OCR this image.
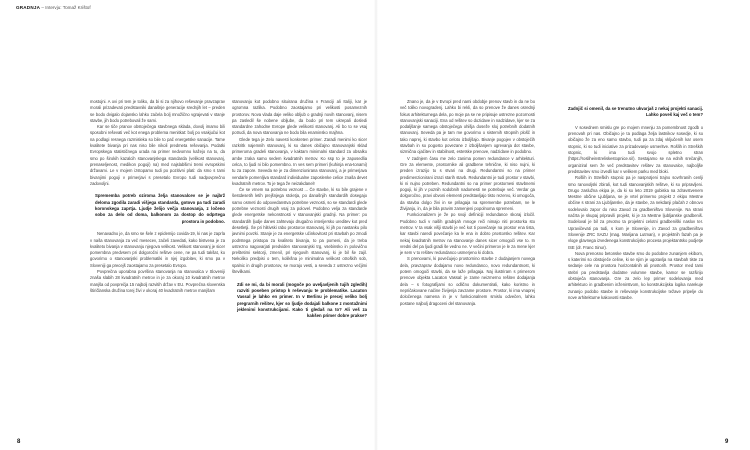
GRADNJA – Intervju: Tomaž Krištof

mostojni. A ovi pri tem je toliko, da bi si za njihovo reševanje pravzaprav morali prizadevati predstavniki današnje generacije srednjih let – preden se bodo dvigalo dojansko lahko začela bolj množično vgrajevati v stanje stavbe, jih bodo potrebovali že sami.

Kar se tiče pranov obstoječega stavbnega sklada, dovolj imamo bili sposobni reševati več kot enega problema menitkat: bolj po vsakjučui kot na podlagi resnega razmisleka so bile to pač energetske sanacije. Tame kvalitete bivanja pri nas niso bile nikoli predmeta reševanja. Podatki Evropskega statističnega urada na primer nedvomno kažejo na to, da smo po širokih kazalcih stanovanjskega standarda (velikost stanovanj, prenaseljenost, medikon pogoji) na) med najslabšimi tremi evropskimi državami. Le v mojem izstopamo tudi po pozitivni plati: da smo s tami bivanjimi pogoji v primerjavi s presetalo Evropo tudi nadpovprečno zadovoljni.

Sprememba potreb oziroma želja stanovalcev se je najbrž deloma zgodila zaradi višjega standarda, gotovo pa tudi zaradi koronskega zaprtja. Ljudje želijo večja stanovanja, z ločeno sobo za delo od doma, balkonom za dostop do odprtega prostora in podobno.

Nenavadno je, da smo se šele z epidemijo covida-19, ki nas je zaprla v naša stanovanja za več mesecev, začeli zavedati, kako bistvena je za kvaliteto bivanja v stanovanju njegova velikost. Velikost stanovanj je sicer pomembna predvsem pri dolgoročni rešitve cene, ne pa tudi takšat, ko govorimo o stanovanjski problematiki in njej izgobitev, ki smo pa v Sloveniji ga precejš zaostajamo za presetalo Evropo.

Povprečna uporabna površina stanovanja na stanovalca v Sloveniji znaša slabih 28 kvadratnih metrov in je za okoraj 10 kvadratnih metrov manjša od povprečja 15 najbolj razvitih držav v EU. Povprečna slovenska štiričlanska družina torej živi v okoraj 40 kvadratnih metrov manjšam

stanovanju kot podobno situirana družina v Franciji ali Italiji, kar je ogromna razlika. Podobno zaostajamo pri velikosti posameznih prostorov. Nova vlada daje veliko obljub o gradnji novih stanovanj, nisem pa zasledil še nobene obljube, da bodo pri tem ukrepali dosledi standardne zahodne Evrope glede velikosti stanovanj. Ali bo to se vsaj potrudi, da nova stanovanja ne bodo bila enaminsko majhna.

Glede tega je Zelo navesti konkreten primer. Zaradi menimi ko sicer razkritk najemnih stanovanj, ki so danes običajno stanovanjski sklad primeroma gradeli stanovanja, v kaktam minimalni standard za obsalko ambe zraka samo sedem kvadratnih metrov. Ko ssp to je zaposedlia celca, to ljudi ni bilo pomembno. In ves sem primeri (kuhinja ena-tonami) tu za zapore. Seveda se je za dimenzionirana stanovanj, a je primerjava vendarle pomenljiva standard individualne zaposlenke celice znaša devet kvadratnih metrov. To je tega že neizakdanel!

Če se vrnem na potrebno veznost ... Če stavbe, ki so bile grajene v šestdesetih letih prejšnjega stoletja, po današnjih standardih dosegajo samo osmeti do odpovedanstva potrebne veznosti, so se standardi glede potrebne veznosti drugih vsaj za polovel. Podobno velja za standarde glede energetske nekonstnosti v stanovanjski gradnji. Na primer: po standardih ljudje danes zahtevajo drugačno interijersko ureditev kot pred desetletji. Še pri hlitivski rabo prostorov stanovanj, ki jih po nastanku pilo javnimi povzki. Stanje je za energetske učinkovitost pri stavbah po zmodi podrstega pristopa za kvaliteto bivanja, to pa pomeni, da je treba ustrezno nagovarjati predviden stanovanjski trg, vsebinsko in polovično preštetimi sektorji, zmenil, pri njegovih stanovanj, ki je bil še zajil. Nekoliko predpisi o tem, kolikšna je minimalna velikost otroških sob, spalnic in drugih prostorov, se morajo vesti, a seveda z ustrezno večjimi številkami.

Zdi se mi, da bi morali (mogoče po uveljavljenih tujih zgledih) razviti poseben pristop k reševanju te problematike. Lacaton Vassal je lahko en primer. In v Berlinu je precej veliko bolj pregrarnih rešitev, kjer so ljudje dodajali balkone z montažnimi jeklenimi konstrukcijami. Kako ti gledaš na to? Ali veš za kakšen primer dobre prakse?

Znano je, da je v Evropi pred nami obdobje prenov stavb in da ne bo več toliko novogradenj. Lahko bi rekli, da so prenove že danes osrednji fokus arhitekturnega dela, po moje pa se ne pripisuje ustrezne pozornosti stanovanjski sanaciji. Ena od rešitev so dozidave in nadzidave, kjer se za podaljšanje samega obstoječega ohišja doseže sloj potrebnih dodatnih stanovanj. Seveda pa je tam me govorimo o sistemih stropnih plošč in tako naprej, ki stavbo kot celoto izboljšajo. Bivanje pogojev v obstoječih stavbah in so pogosto povezane z izboljšanjem ogrevanja dot stavbe, sizmična ojačitev in stabilnost, estetske prenove, nadzidave in podobno.

V zadnjem času me zelo zanima pomen redundance v arhitekturi. Gre za elemente, prostornike ali gradbene tehnične, ki niso nujni, ki preden izrazijo to s stvari na drugi. Redundantni so na primer predimenzionirani izrazi starih stavb. Redundantni je tudi prostor v stavbi, ki ni nujno potreben. Redundantni so na primer prostornesi stavbnemi pogoji, ki jih v poznih sodobnih nadomesti ne potrebuje več. Verdar ga dolgoročno, pravi obvoni elementi predstavljajo tisto rezervo, ki omogoča, da stavba dolgo živi in se prilagaja na spremembe potrebam, ne le Živijanju, in, da je bila pravim zamenjeni popolnoma spremeni.

Funkcionalizem je že po svoji definiciji redundance skoraj izločil. Podobno tudi v naših gradnjah mnoge reči nimajo niti prostorka sto metrov. V ta vsak višji stavbi je več kot ti povečanje na prostor ena tista, kar stavbi naredi povečanje ka le ena in dobro prostorsko rešitev. Kar nekaj kvadratnih metrov na stanovanje danes sicer omogoči vse to. In vredni del pa ljudi gradi še vedno ne. V večini primerov je le za mene kjer je sem v to rešitev redundanco usmerjeno ki dobra.

S prenovami, ki povečujejo prostornino stavbe z dodajanjem novega dela, pravzaprav dodajamo novo redundanco, novo redundantnost, ki potem omogoči stavbi, da se laže prilagaja. Naj ilustriram s primerom prenove objekta Lacaton Vassal: je zame neizmerno rešitev dodajanja dela – s fotografijami so odlično dokumentirali, kako koristno in nepričakovane načine živijenja zavzame prostore. Prostor, ki ima vnaprej določenega namena in je v funkcionalnem smislu odvečen, lahko postane najbolj dragoceni del stanovanja.

Zadnjič si omenil, da se trenutno ukvarjaš z nekaj projekti sanacij. Lahko poveš kaj več o tem?

V sosednem smislu gre po mojem mnenju za pomembnost zgodb o prenovah pri nas. Običajno je ta podlaga želja lastnikov sosedje, ki so običajno že za eno samo stavbo, tudi pa za zdaj vključenih kar osem stopnic, ki so tudi iniciative za prizadevanje usmeritve. Rošlih in Streških stopnic, ki ima tudi svojo spletno stran (https://rosliheinstreliskestopnice.si/). Sestajamo se na ednih srečanjih, organiziral sem že več predstavitev rešitev za stanovalce, najboljše predstavitev smo izvedli kar v velikem parku med bloki.

Rošlih in Streških stopnic pa je nasprotjeni trajno sovrhranih cenlji smo ranovoljski zbirali, kot tudi stanovanjskih rešitve, ki so pripravljeni. Drugo zaslužna ekipa je, da ki so leto 2019 gobiska na zdravstvenem Mestne občine Ljubljana, se je vrtel primerno projekt z ekipo Mestne občine s strani za Ljubljanske, da je stavbe, za nekdanji plačah z obnovo sodelovalo zapor do niso Zavod za gradbeništvo Slovenije. Na strani načrta je skupaj pripravili projekt, ki je za Mestne ljubljanske gradbeniš. Sodeloval je bil za prvotno ta projektni celotni gradbeniški naslov ter. Upravičevati pa tudi, s kom je Slovenije, in Zavod za gradbeništvo Slovenije ZRC SAZU (mag. Marijana Lutman), v projektnih fazah pa je vloge glavnega izvedenega konstrukcijsko procesa projektantsko podjetje ISE (dr. Franc Sinur).

Nova prenosno betonske stavbe smo do podobne zunanjem ekibom, s katerimi so obstoječe celine, ki se njim je ugotavlja na stavbah tiste za sedanje cele na prostora horizontalnih ali prostorih. Prostor med tami stebri pa predstavlja dodatne volumne stavbe, kamor se razširijo obstoječa stanovanja. Gre za zelo lep primer sodelovanja med arhitekturo in gradbenim inženirstvom, ko konstrukcijska logika narekuje zunanjo podobo stavbe in reševanje konstrukcijske težave pripelje do nove arhitekturne kakovosti stavbe.

8	9
